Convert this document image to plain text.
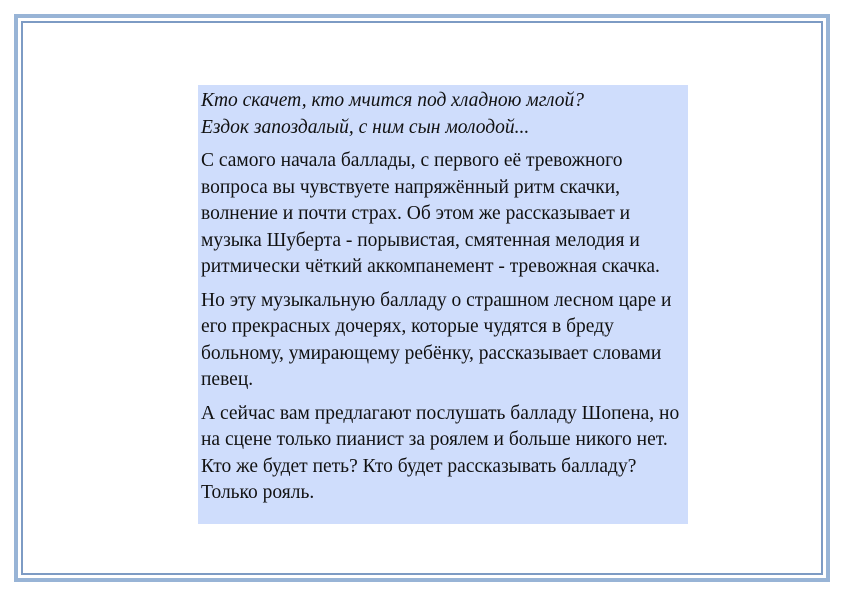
Кто скачет, кто мчится под хладною мглой?
Ездок запоздалый, с ним сын молодой...

С самого начала баллады, с первого её тревожного вопроса вы чувствуете напряжённый ритм скачки, волнение и почти страх. Об этом же рассказывает и музыка Шуберта - порывистая, смятенная мелодия и ритмически чёткий аккомпанемент - тревожная скачка.

Но эту музыкальную балладу о страшном лесном царе и его прекрасных дочерях, которые чудятся в бреду больному, умирающему ребёнку, рассказывает словами певец.

А сейчас вам предлагают послушать балладу Шопена, но на сцене только пианист за роялем и больше никого нет. Кто же будет петь? Кто будет рассказывать балладу? Только рояль.
